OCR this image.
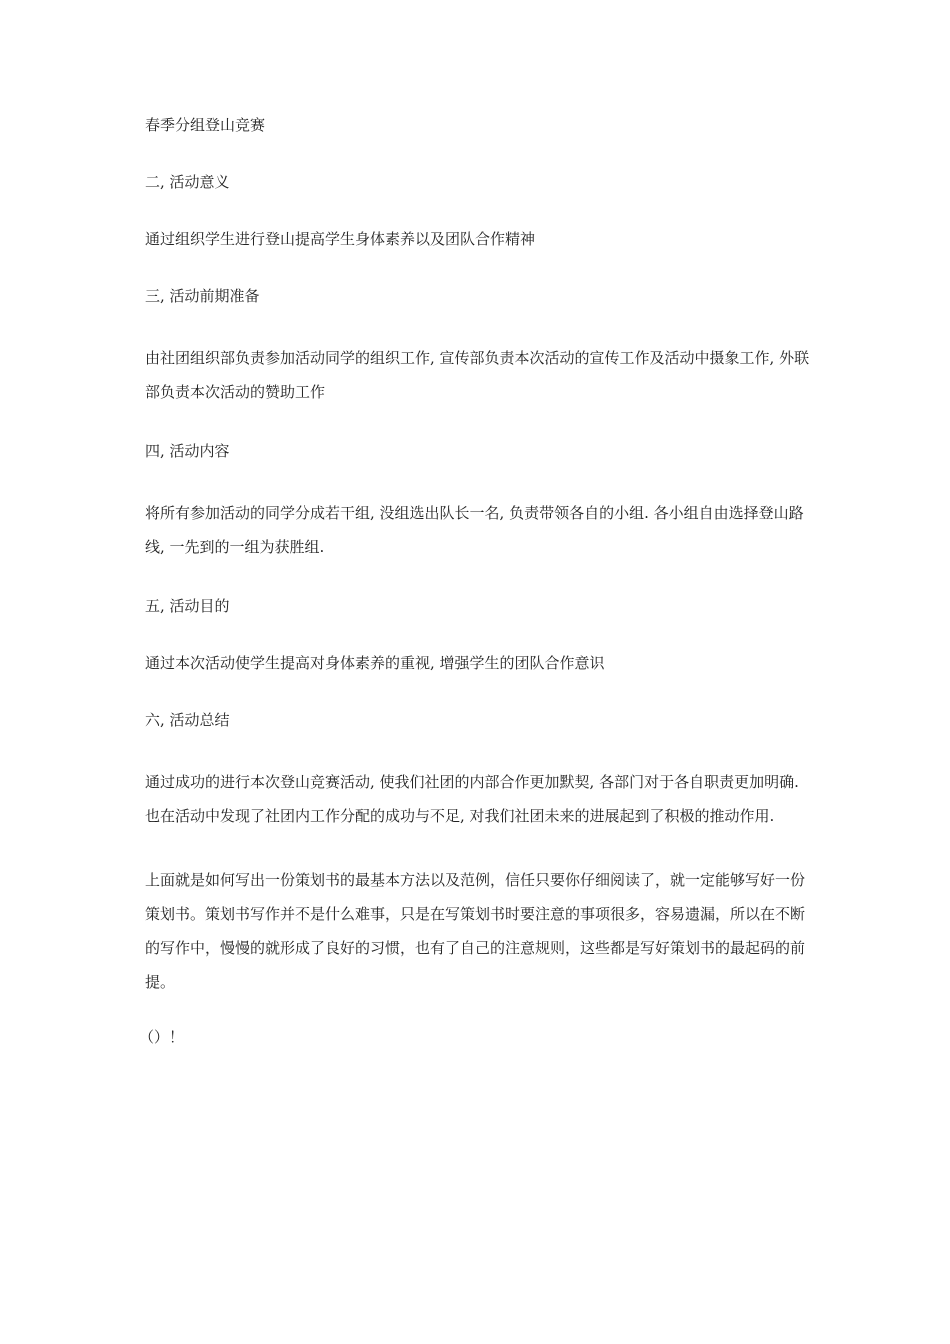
春季分组登山竞赛

二, 活动意义

通过组织学生进行登山提高学生身体素养以及团队合作精神

三, 活动前期准备

由社团组织部负责参加活动同学的组织工作, 宣传部负责本次活动的宣传工作及活动中摄象工作, 外联部负责本次活动的赞助工作

四, 活动内容

将所有参加活动的同学分成若干组, 没组选出队长一名, 负责带领各自的小组. 各小组自由选择登山路线, 一先到的一组为获胜组.

五, 活动目的

通过本次活动使学生提高对身体素养的重视, 增强学生的团队合作意识

六, 活动总结

通过成功的进行本次登山竞赛活动, 使我们社团的内部合作更加默契, 各部门对于各自职责更加明确. 也在活动中发现了社团内工作分配的成功与不足, 对我们社团未来的进展起到了积极的推动作用.

上面就是如何写出一份策划书的最基本方法以及范例，信任只要你仔细阅读了，就一定能够写好一份策划书。策划书写作并不是什么难事，只是在写策划书时要注意的事项很多，容易遗漏，所以在不断的写作中，慢慢的就形成了良好的习惯，也有了自己的注意规则，这些都是写好策划书的最起码的前提。

（）！
